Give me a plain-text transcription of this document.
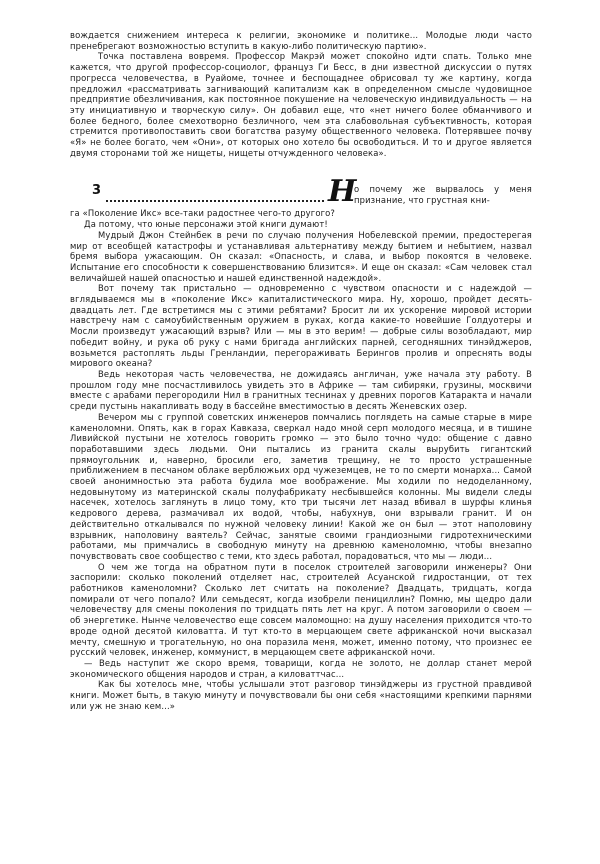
вождается снижением интереса к религии, экономике и политике... Молодые люди часто пренебрегают возможностью вступить в какую-либо политическую партию».

Точка поставлена вовремя. Профессор Макрэй может спокойно идти спать. Только мне кажется, что другой профессор-социолог, француз Ги Бесс, в дни известной дискуссии о путях прогресса человечества, в Руайоме, точнее и беспощаднее обрисовал ту же картину, когда предложил «рассматривать загнивающий капитализм как в определенном смысле чудовищное предприятие обезличивания, как постоянное покушение на человеческую индивидуальность — на эту инициативную и творческую силу». Он добавил еще, что «нет ничего более обманчивого и более бедного, более смехотворно безличного, чем эта слабовольная субъективность, которая стремится противопоставить свои богатства разуму общественного человека. Потерявшее почву «Я» не более богато, чем «Они», от которых оно хотело бы освободиться. И то и другое является двумя сторонами той же нищеты, нищеты отчужденного человека».

3	Н
о почему же вырвалось у меня признание, что грустная кни-

га «Поколение Икс» все-таки радостнее чего-то другого?

Да потому, что юные персонажи этой книги думают!

Мудрый Джон Стейнбек в речи по случаю получения Нобелевской премии, предостерегая мир от всеобщей катастрофы и устанавливая альтернативу между бытием и небытием, назвал бремя выбора ужасающим. Он сказал: «Опасность, и слава, и выбор покоятся в человеке. Испытание его способности к совершенствованию близится». И еще он сказал: «Сам человек стал величайшей нашей опасностью и нашей единственной надеждой».

Вот почему так пристально — одновременно с чувством опасности и с надеждой — вглядываемся мы в «поколение Икс» капиталистического мира. Ну, хорошо, пройдет десять-двадцать лет. Где встретимся мы с этими ребятами? Бросит ли их ускорение мировой истории навстречу нам с самоубийственным оружием в руках, когда какие-то новейшие Голдуотеры и Мосли произведут ужасающий взрыв? Или — мы в это верим! — добрые силы возобладают, мир победит войну, и рука об руку с нами бригада английских парней, сегодняшних тинэйджеров, возьмется растоплять льды Гренландии, перегораживать Берингов пролив и опреснять воды мирового океана?

Ведь некоторая часть человечества, не дожидаясь англичан, уже начала эту работу. В прошлом году мне посчастливилось увидеть это в Африке — там сибиряки, грузины, москвичи вместе с арабами перегородили Нил в гранитных теснинах у древних порогов Катаракта и начали среди пустынь накапливать воду в бассейне вместимостью в десять Женевских озер.

Вечером мы с группой советских инженеров помчались поглядеть на самые старые в мире каменоломни. Опять, как в горах Кавказа, сверкал надо мной серп молодого месяца, и в тишине Ливийской пустыни не хотелось говорить громко — это было точно чудо: общение с давно поработавшими здесь людьми. Они пытались из гранита скалы вырубить гигантский прямоугольник и, наверно, бросили его, заметив трещину, не то просто устрашенные приближением в песчаном облаке верблюжьих орд чужеземцев, не то по смерти монарха... Самой своей анонимностью эта работа будила мое воображение. Мы ходили по недоделанному, недовынутому из материнской скалы полуфабрикату несбывшейся колонны. Мы видели следы насечек, хотелось заглянуть в лицо тому, кто три тысячи лет назад вбивал в шурфы клинья кедрового дерева, размачивал их водой, чтобы, набухнув, они взрывали гранит. И он действительно откалывался по нужной человеку линии! Какой же он был — этот наполовину взрывник, наполовину ваятель? Сейчас, занятые своими грандиозными гидротехническими работами, мы примчались в свободную минуту на древнюю каменоломню, чтобы внезапно почувствовать свое сообщество с теми, кто здесь работал, порадоваться, что мы — люди...

О чем же тогда на обратном пути в поселок строителей заговорили инженеры? Они заспорили: сколько поколений отделяет нас, строителей Асуанской гидростанции, от тех работников каменоломни? Сколько лет считать на поколение? Двадцать, тридцать, когда помирали от чего попало? Или семьдесят, когда изобрели пенициллин? Помню, мы щедро дали человечеству для смены поколения по тридцать пять лет на круг. А потом заговорили о своем — об энергетике. Нынче человечество еще совсем маломощно: на душу населения приходится что-то вроде одной десятой киловатта. И тут кто-то в мерцающем свете африканской ночи высказал мечту, смешную и трогательную, но она поразила меня, может, именно потому, что произнес ее русский человек, инженер, коммунист, в мерцающем свете африканской ночи.

— Ведь наступит же скоро время, товарищи, когда не золото, не доллар станет мерой экономического общения народов и стран, а киловаттчас...

Как бы хотелось мне, чтобы услышали этот разговор тинэйджеры из грустной правдивой книги. Может быть, в такую минуту и почувствовали бы они себя «настоящими крепкими парнями или уж не знаю кем...»
